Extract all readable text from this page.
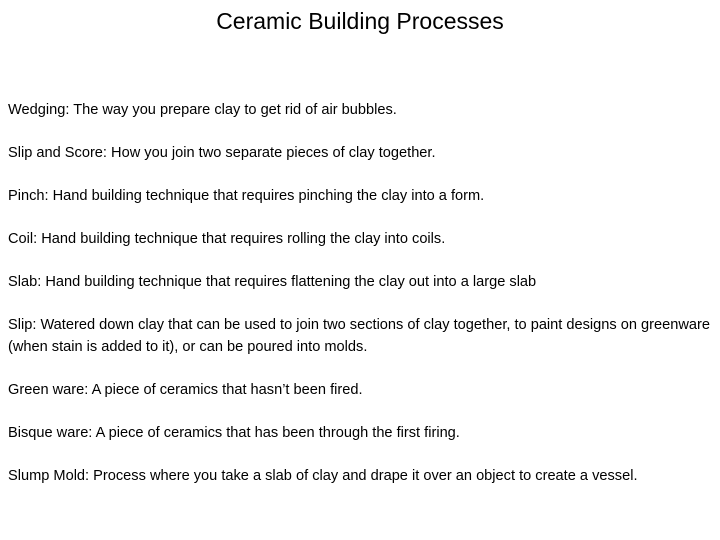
Ceramic Building Processes
Wedging: The way you prepare clay to get rid of air bubbles.
Slip and Score: How you join two separate pieces of clay together.
Pinch: Hand building technique that requires pinching the clay into a form.
Coil: Hand building technique that requires rolling the clay into coils.
Slab: Hand building technique that requires flattening the clay out into a large slab
Slip: Watered down clay that can be used to join two sections of clay together, to paint designs on greenware (when stain is added to it), or can be poured into molds.
Green ware: A piece of ceramics that hasn’t been fired.
Bisque ware: A piece of ceramics that has been through the first firing.
Slump Mold: Process where you take a slab of clay and drape it over an object to create a vessel.
